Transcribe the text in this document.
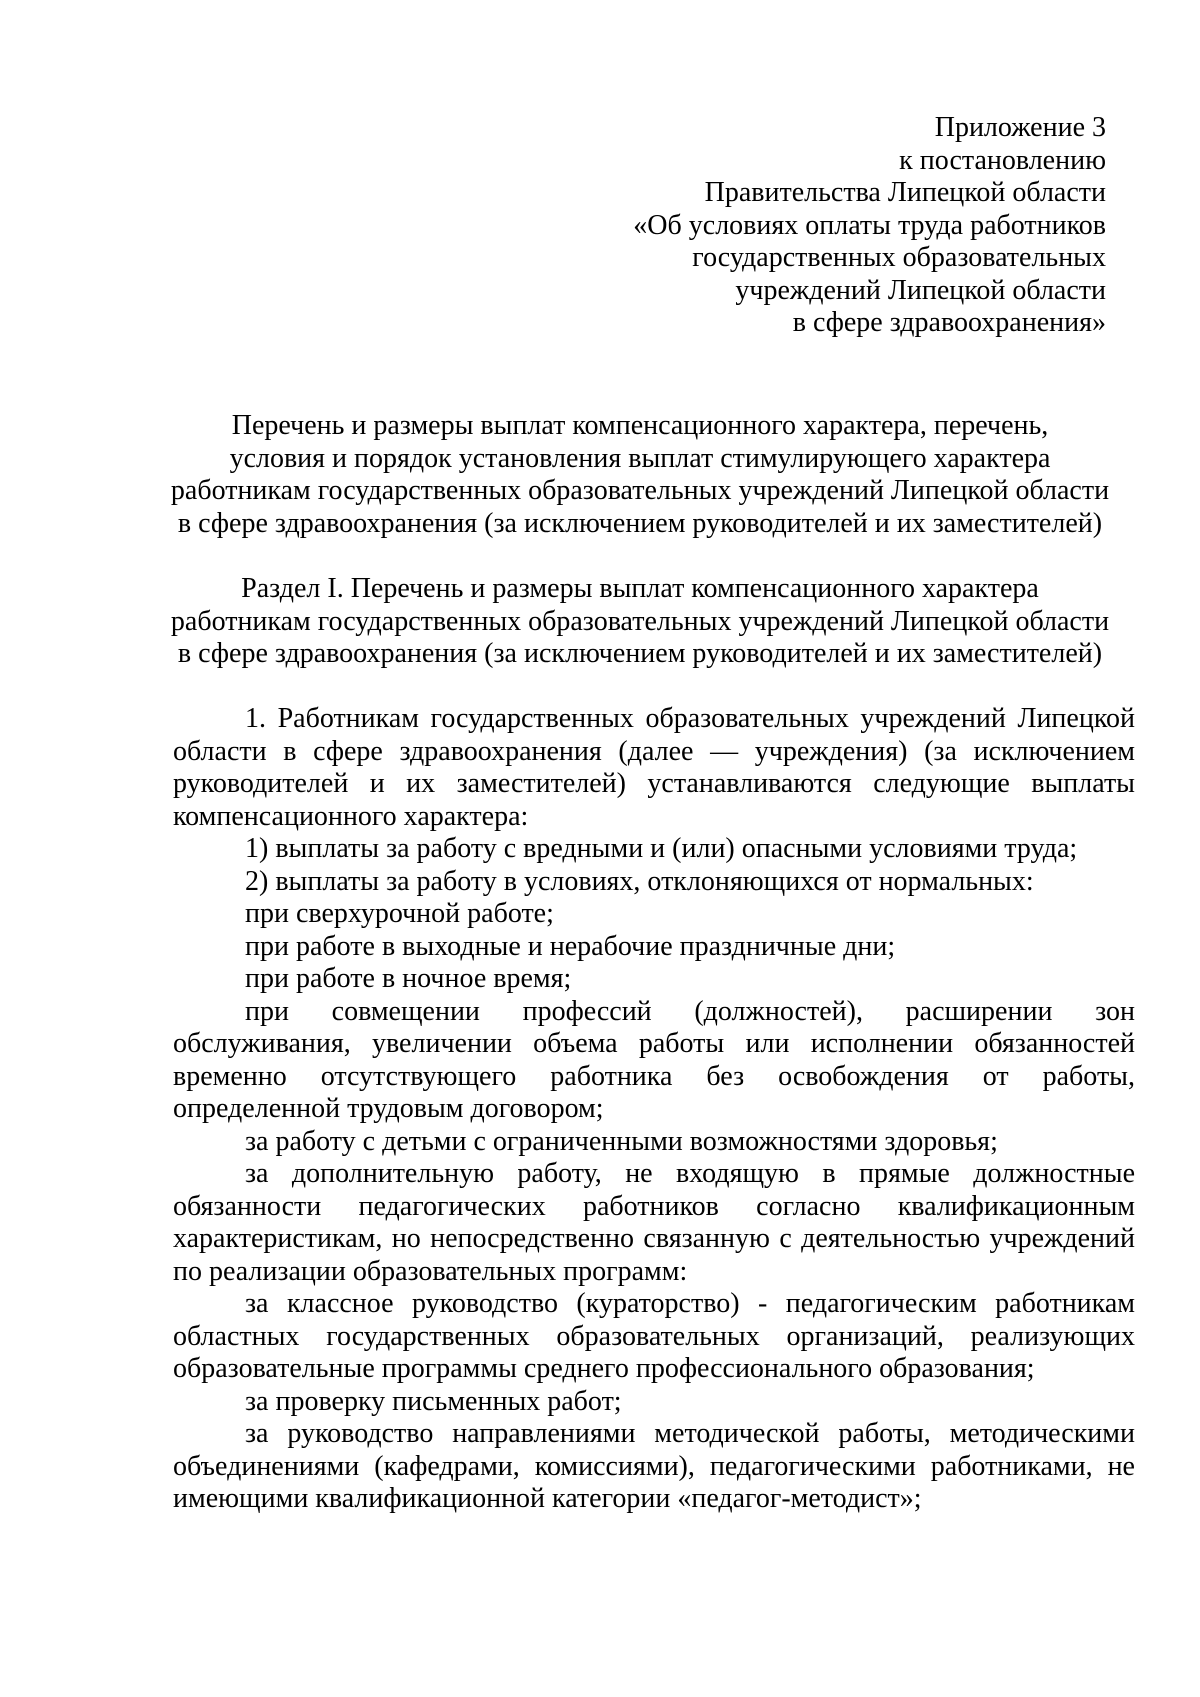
Приложение 3
к постановлению
Правительства Липецкой области
«Об условиях оплаты труда работников
государственных образовательных
учреждений Липецкой области
в сфере здравоохранения»
Перечень и размеры выплат компенсационного характера, перечень,
условия и порядок установления выплат стимулирующего характера
работникам государственных образовательных учреждений Липецкой области
в сфере здравоохранения (за исключением руководителей и их заместителей)
Раздел I. Перечень и размеры выплат компенсационного характера
работникам государственных образовательных учреждений Липецкой области
в сфере здравоохранения (за исключением руководителей и их заместителей)

1. Работникам государственных образовательных учреждений Липецкой области в сфере здравоохранения (далее — учреждения) (за исключением руководителей и их заместителей) устанавливаются следующие выплаты компенсационного характера:

1) выплаты за работу с вредными и (или) опасными условиями труда;

2) выплаты за работу в условиях, отклоняющихся от нормальных:

при сверхурочной работе;

при работе в выходные и нерабочие праздничные дни;

при работе в ночное время;

при совмещении профессий (должностей), расширении зон обслуживания, увеличении объема работы или исполнении обязанностей временно отсутствующего работника без освобождения от работы, определенной трудовым договором;

за работу с детьми с ограниченными возможностями здоровья;

за дополнительную работу, не входящую в прямые должностные обязанности педагогических работников согласно квалификационным характеристикам, но непосредственно связанную с деятельностью учреждений по реализации образовательных программ:

за классное руководство (кураторство) - педагогическим работникам областных государственных образовательных организаций, реализующих образовательные программы среднего профессионального образования;

за проверку письменных работ;

за руководство направлениями методической работы, методическими объединениями (кафедрами, комиссиями), педагогическими работниками, не имеющими квалификационной категории «педагог-методист»;
